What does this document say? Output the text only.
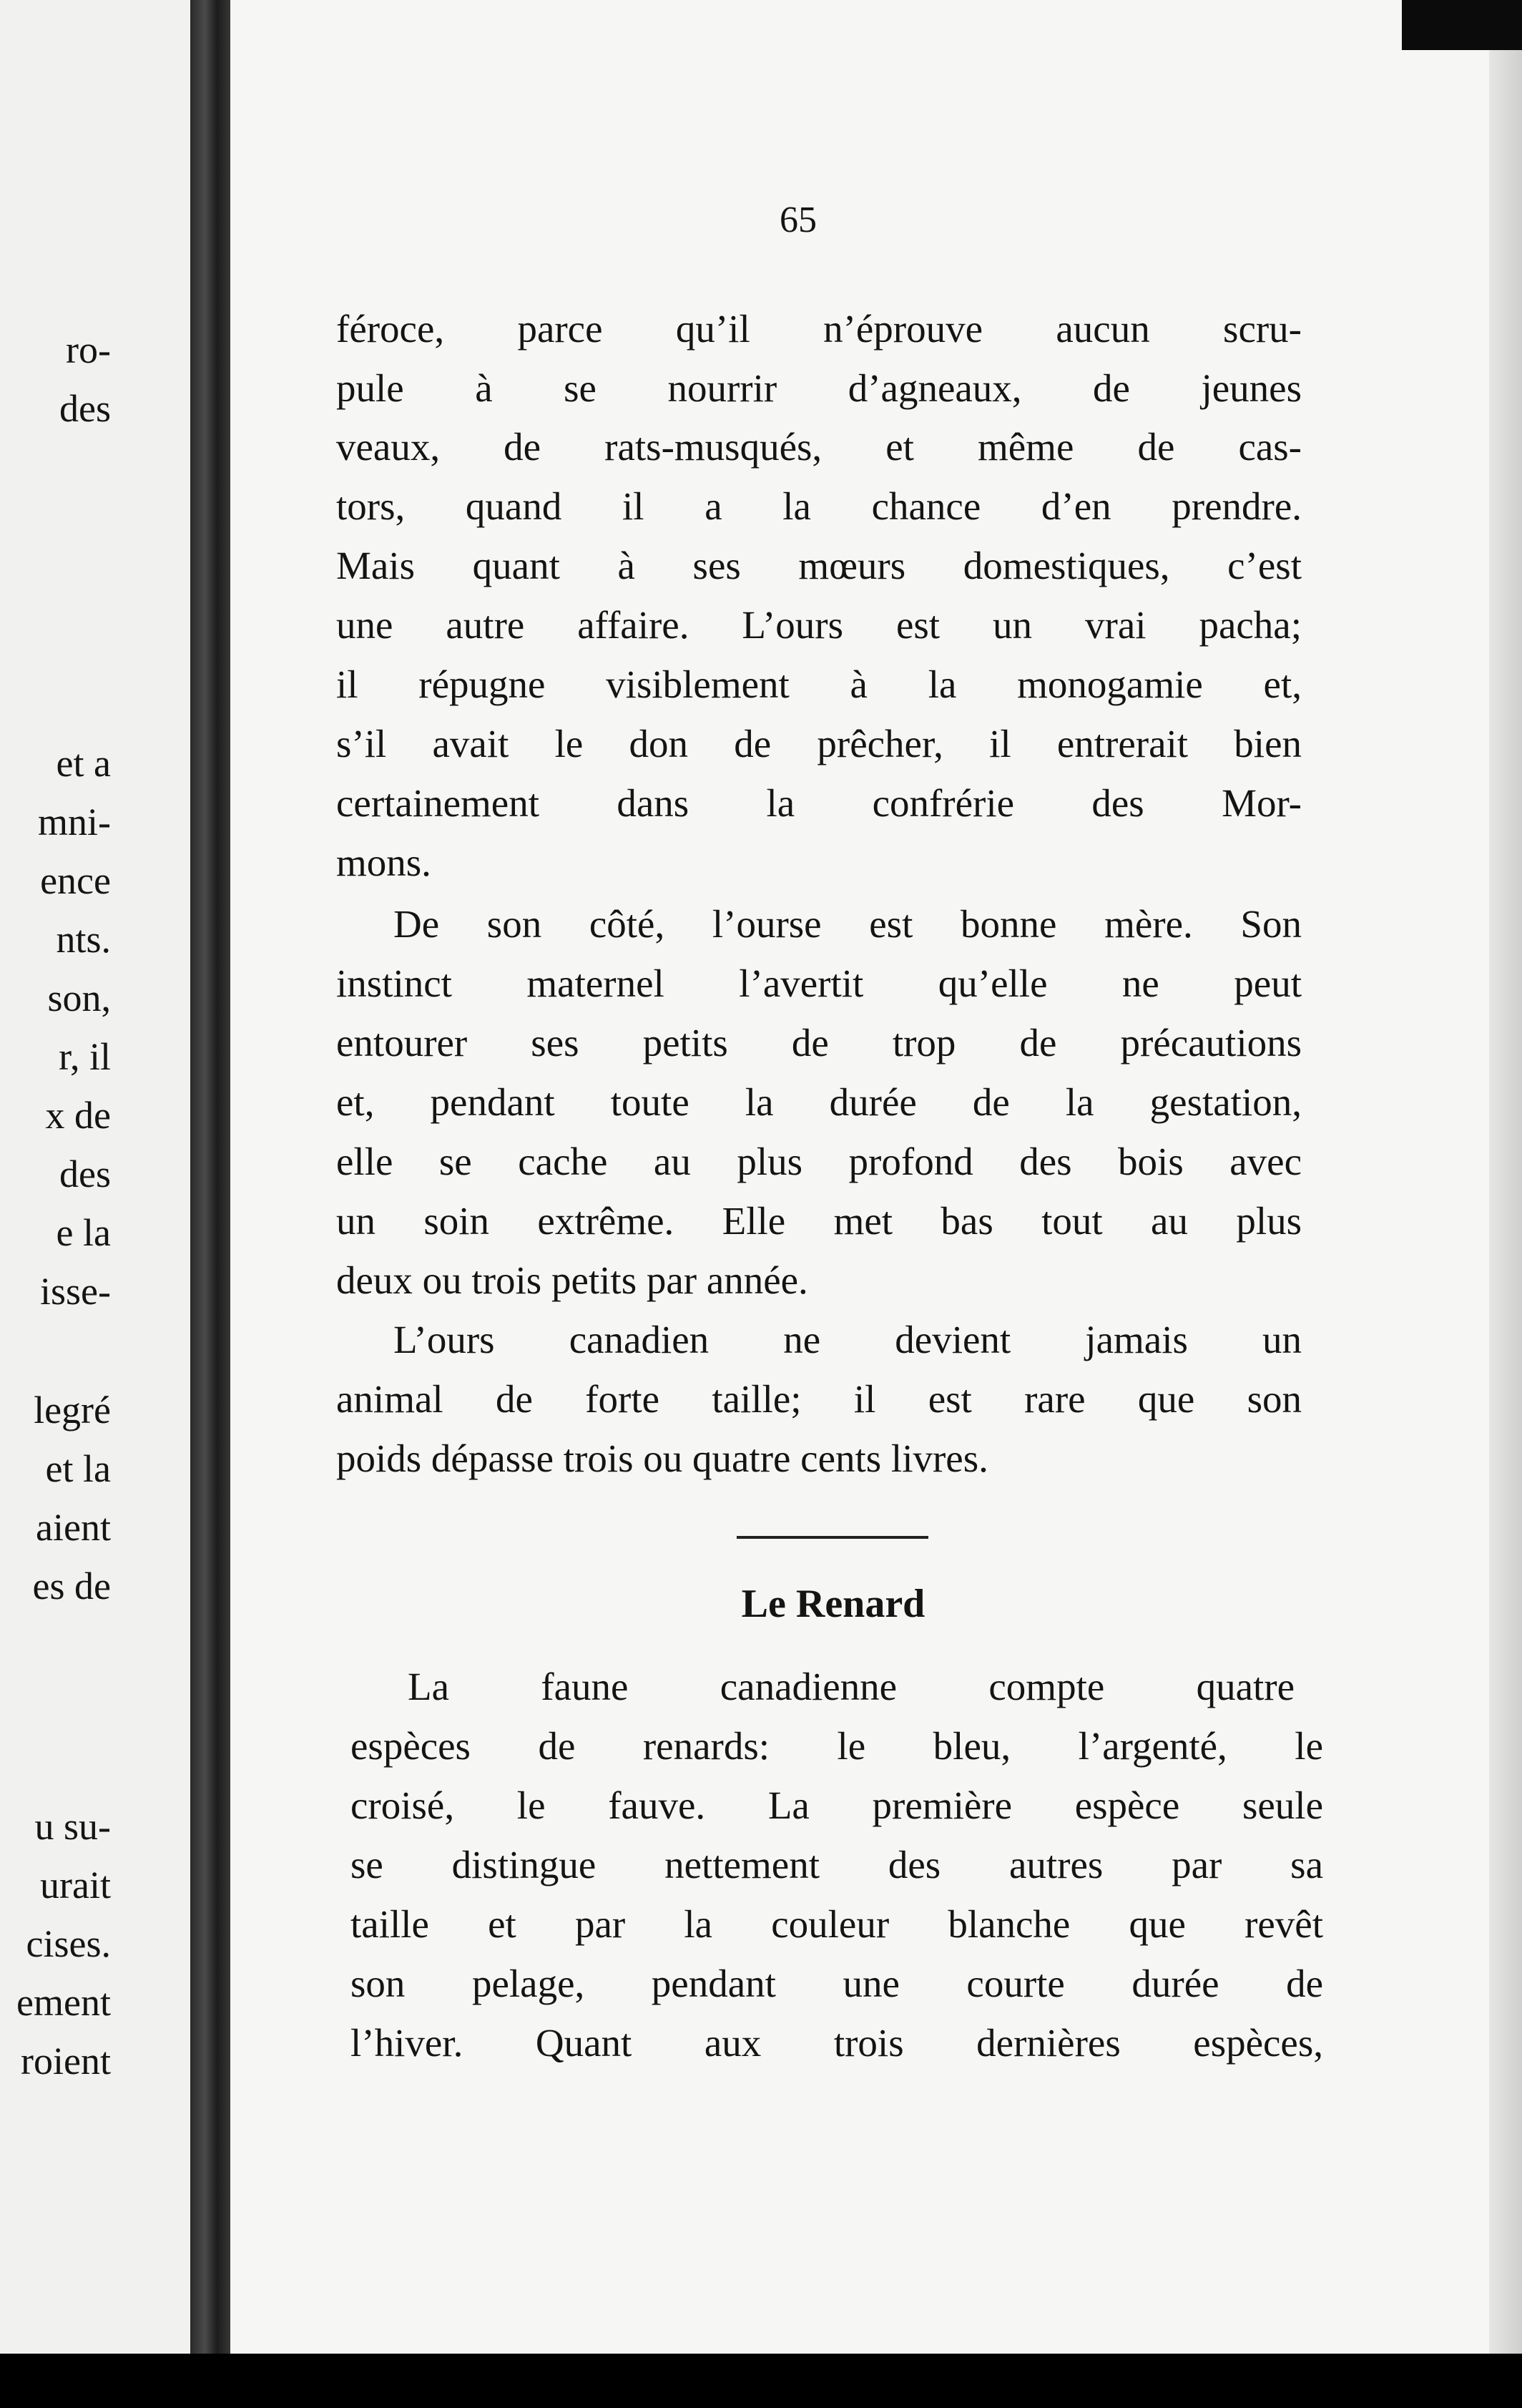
ro-
des
et a
mni-
ence
nts.
son,
r, il
x de
des
e la
isse-
legré
et la
aient
es de
u su-
urait
cises.
ement
roient
65
féroce, parce qu’il n’éprouve aucun scru-
pule à se nourrir d’agneaux, de jeunes
veaux, de rats-musqués, et même de cas-
tors, quand il a la chance d’en prendre.
Mais quant à ses mœurs domestiques, c’est
une autre affaire. L’ours est un vrai pacha;
il répugne visiblement à la monogamie et,
s’il avait le don de prêcher, il entrerait bien
certainement dans la confrérie des Mor-
mons.
De son côté, l’ourse est bonne mère. Son
instinct maternel l’avertit qu’elle ne peut
entourer ses petits de trop de précautions
et, pendant toute la durée de la gestation,
elle se cache au plus profond des bois avec
un soin extrême. Elle met bas tout au plus
deux ou trois petits par année.
L’ours canadien ne devient jamais un
animal de forte taille; il est rare que son
poids dépasse trois ou quatre cents livres.
Le Renard
La faune canadienne compte quatre
espèces de renards: le bleu, l’argenté, le
croisé, le fauve. La première espèce seule
se distingue nettement des autres par sa
taille et par la couleur blanche que revêt
son pelage, pendant une courte durée de
l’hiver. Quant aux trois dernières espèces,
